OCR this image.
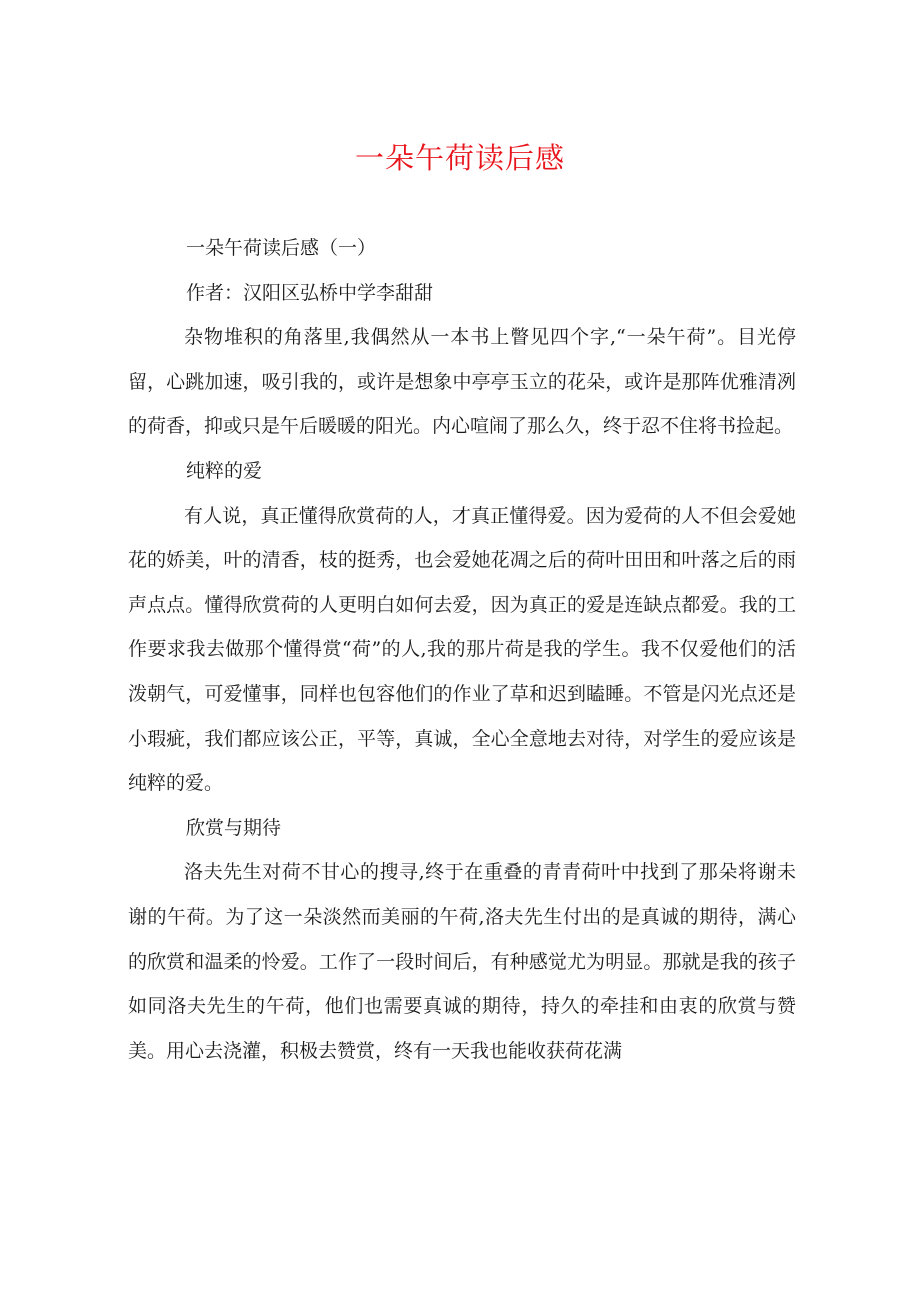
一朵午荷读后感

一朵午荷读后感（一）

作者：汉阳区弘桥中学李甜甜

杂物堆积的角落里,我偶然从一本书上瞥见四个字,“一朵午荷”。目光停留，心跳加速，吸引我的，或许是想象中亭亭玉立的花朵，或许是那阵优雅清冽的荷香，抑或只是午后暖暖的阳光。内心喧闹了那么久，终于忍不住将书捡起。

纯粹的爱

有人说，真正懂得欣赏荷的人，才真正懂得爱。因为爱荷的人不但会爱她花的娇美，叶的清香，枝的挺秀，也会爱她花凋之后的荷叶田田和叶落之后的雨声点点。懂得欣赏荷的人更明白如何去爱，因为真正的爱是连缺点都爱。我的工作要求我去做那个懂得赏“荷”的人,我的那片荷是我的学生。我不仅爱他们的活泼朝气，可爱懂事，同样也包容他们的作业了草和迟到瞌睡。不管是闪光点还是小瑕疵，我们都应该公正，平等，真诚，全心全意地去对待，对学生的爱应该是纯粹的爱。

欣赏与期待

洛夫先生对荷不甘心的搜寻,终于在重叠的青青荷叶中找到了那朵将谢未谢的午荷。为了这一朵淡然而美丽的午荷,洛夫先生付出的是真诚的期待，满心的欣赏和温柔的怜爱。工作了一段时间后，有种感觉尤为明显。那就是我的孩子如同洛夫先生的午荷，他们也需要真诚的期待，持久的牵挂和由衷的欣赏与赞美。用心去浇灌，积极去赞赏，终有一天我也能收获荷花满
